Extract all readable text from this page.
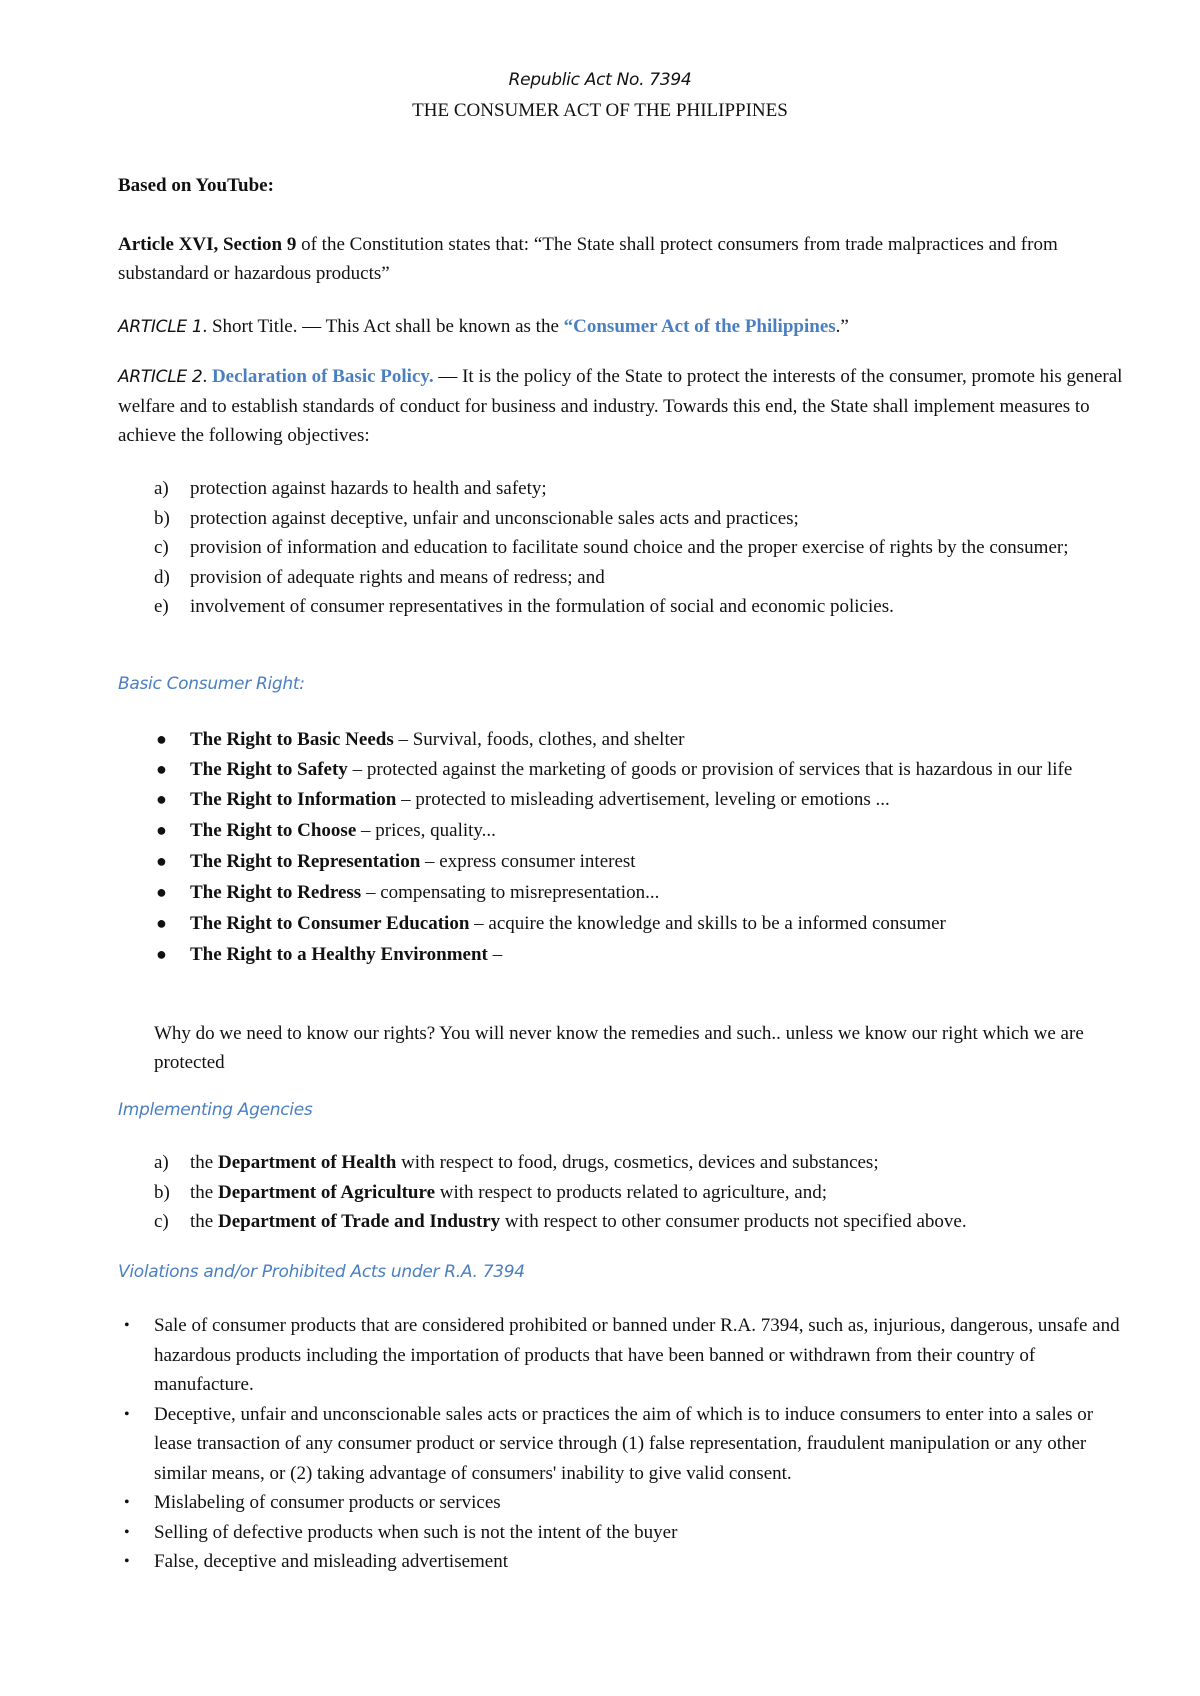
Republic Act No. 7394

THE CONSUMER ACT OF THE PHILIPPINES

Based on YouTube:

Article XVI, Section 9 of the Constitution states that: “The State shall protect consumers from trade malpractices and from substandard or hazardous products”

ARTICLE 1. Short Title. — This Act shall be known as the “Consumer Act of the Philippines.”

ARTICLE 2. Declaration of Basic Policy. — It is the policy of the State to protect the interests of the consumer, promote his general welfare and to establish standards of conduct for business and industry. Towards this end, the State shall implement measures to achieve the following objectives:

a) protection against hazards to health and safety;
b) protection against deceptive, unfair and unconscionable sales acts and practices;
c) provision of information and education to facilitate sound choice and the proper exercise of rights by the consumer;
d) provision of adequate rights and means of redress; and
e) involvement of consumer representatives in the formulation of social and economic policies.

Basic Consumer Right:

● The Right to Basic Needs – Survival, foods, clothes, and shelter
● The Right to Safety – protected against the marketing of goods or provision of services that is hazardous in our life
● The Right to Information – protected to misleading advertisement, leveling or emotions ...
● The Right to Choose – prices, quality...
● The Right to Representation – express consumer interest
● The Right to Redress – compensating to misrepresentation...
● The Right to Consumer Education – acquire the knowledge and skills to be a informed consumer
● The Right to a Healthy Environment –

Why do we need to know our rights? You will never know the remedies and such.. unless we know our right which we are protected

Implementing Agencies

a) the Department of Health with respect to food, drugs, cosmetics, devices and substances;
b) the Department of Agriculture with respect to products related to agriculture, and;
c) the Department of Trade and Industry with respect to other consumer products not specified above.

Violations and/or Prohibited Acts under R.A. 7394

• Sale of consumer products that are considered prohibited or banned under R.A. 7394, such as, injurious, dangerous, unsafe and hazardous products including the importation of products that have been banned or withdrawn from their country of manufacture.
• Deceptive, unfair and unconscionable sales acts or practices the aim of which is to induce consumers to enter into a sales or lease transaction of any consumer product or service through (1) false representation, fraudulent manipulation or any other similar means, or (2) taking advantage of consumers' inability to give valid consent.
• Mislabeling of consumer products or services
• Selling of defective products when such is not the intent of the buyer
• False, deceptive and misleading advertisement
